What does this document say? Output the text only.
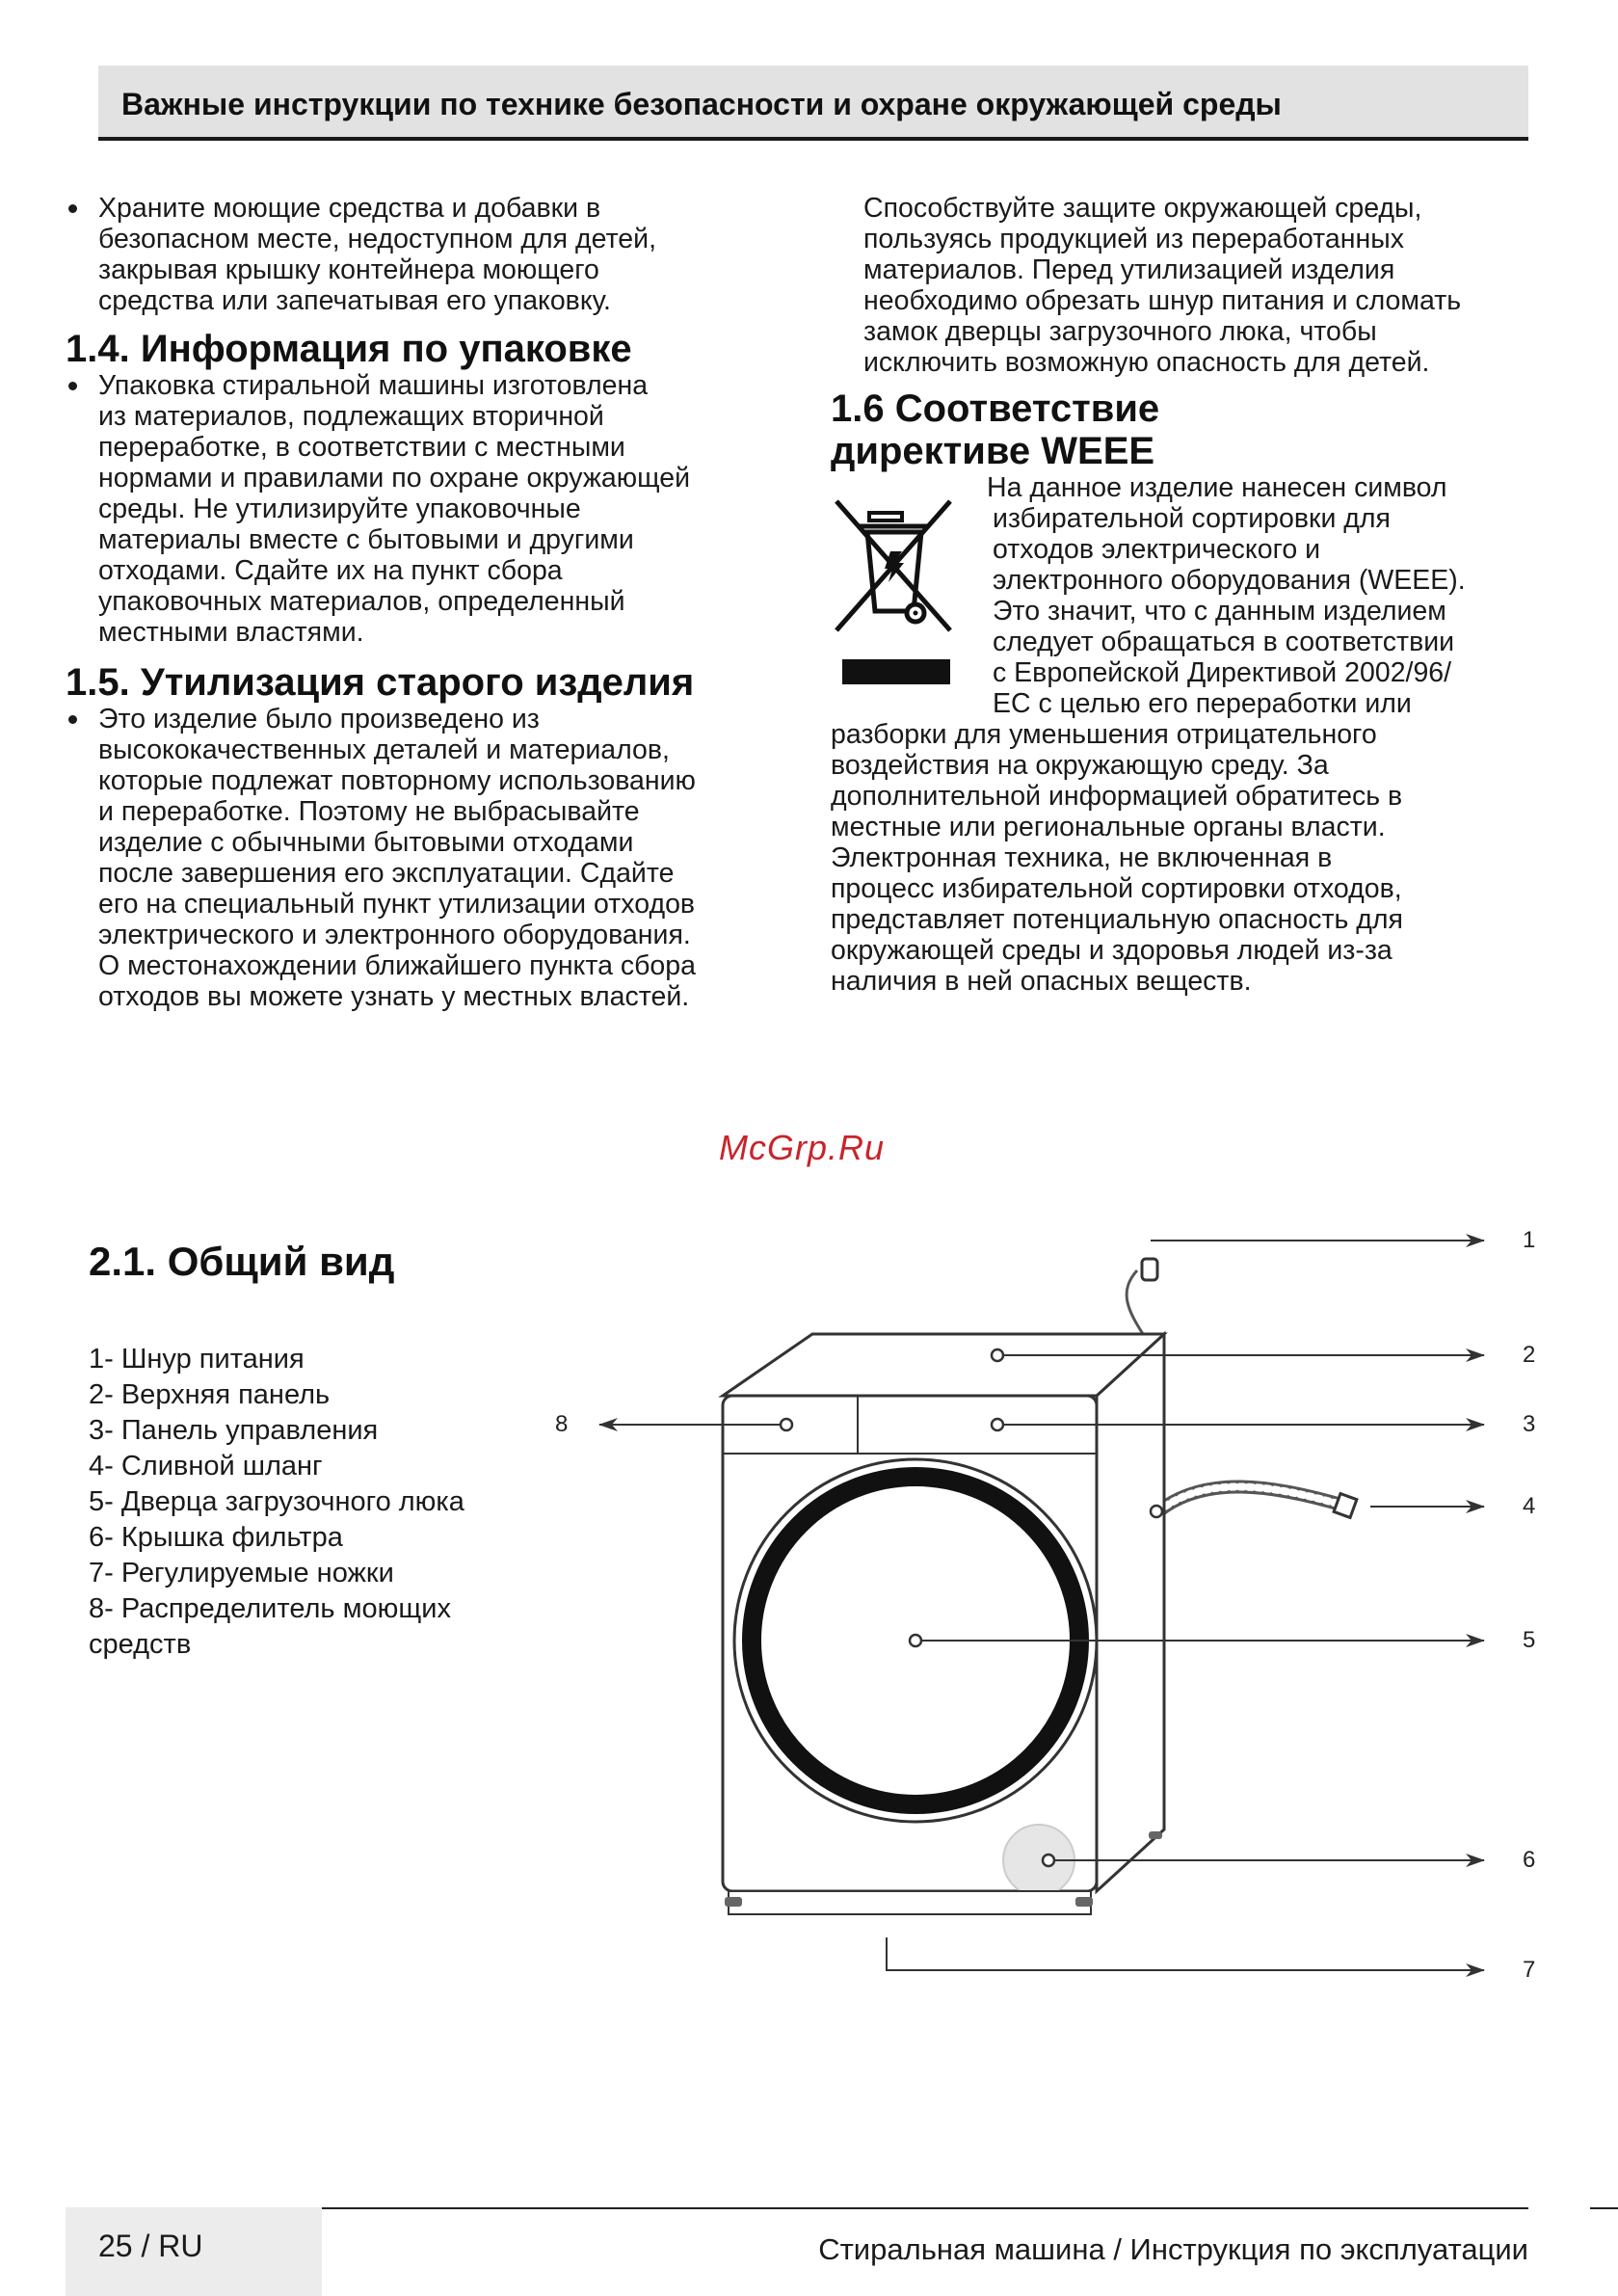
Важные инструкции по технике безопасности и охране окружающей среды
Храните моющие средства и добавки в
безопасном месте, недоступном для детей,
закрывая крышку контейнера моющего
средства или запечатывая его упаковку.
1.4. Информация по упаковке
Упаковка стиральной машины изготовлена
из материалов, подлежащих вторичной
переработке, в соответствии с местными
нормами и правилами по охране окружающей
среды. Не утилизируйте упаковочные
материалы вместе с бытовыми и другими
отходами. Сдайте их на пункт сбора
упаковочных материалов, определенный
местными властями.
1.5. Утилизация старого изделия
Это изделие было произведено из
высококачественных деталей и материалов,
которые подлежат повторному использованию
и переработке. Поэтому не выбрасывайте
изделие с обычными бытовыми отходами
после завершения его эксплуатации. Сдайте
его на специальный пункт утилизации отходов
электрического и электронного оборудования.
О местонахождении ближайшего пункта сбора
отходов вы можете узнать у местных властей.
Способствуйте защите окружающей среды,
пользуясь продукцией из переработанных
материалов. Перед утилизацией изделия
необходимо обрезать шнур питания и сломать
замок дверцы загрузочного люка, чтобы
исключить возможную опасность для детей.
1.6 Соответствие
директиве WEEE
На данное изделие нанесен символ
избирательной сортировки для
отходов электрического и
электронного оборудования (WEEE).
Это значит, что с данным изделием
следует обращаться в соответствии
с Европейской Директивой 2002/96/
EC с целью его переработки или
разборки для уменьшения отрицательного
воздействия на окружающую среду. За
дополнительной информацией обратитесь в
местные или региональные органы власти.
Электронная техника, не включенная в
процесс избирательной сортировки отходов,
представляет потенциальную опасность для
окружающей среды и здоровья людей из-за
наличия в ней опасных веществ.
McGrp.Ru
2.1. Общий вид
1- Шнур питания
2- Верхняя панель
3- Панель управления
4- Сливной шланг
5- Дверца загрузочного люка
6- Крышка фильтра
7- Регулируемые ножки
8- Распределитель моющих
средств
1
2
3
4
5
6
7
8
25 / RU	Стиральная машина / Инструкция по эксплуатации
